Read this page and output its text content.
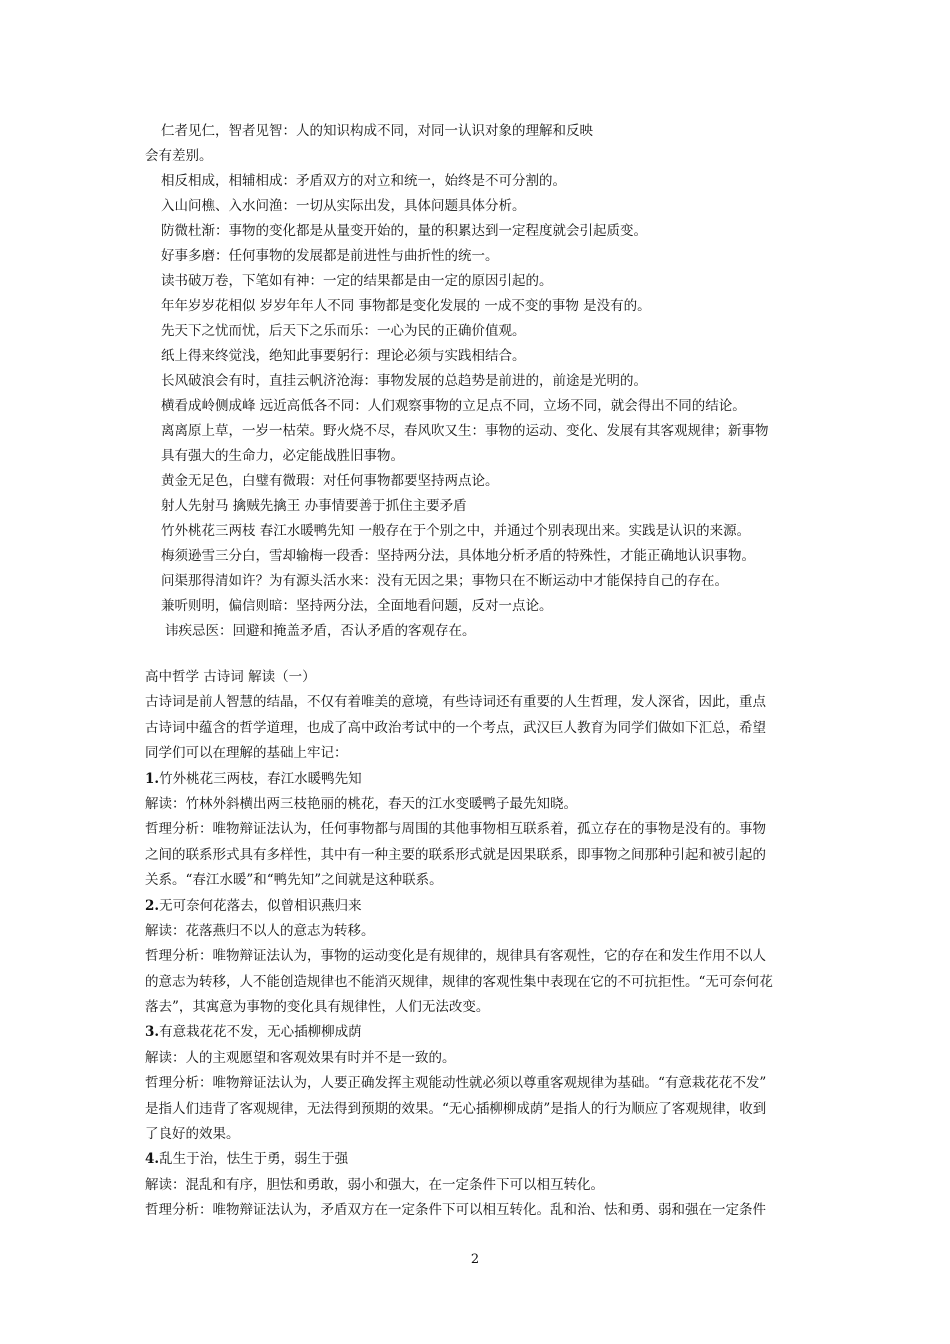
仁者见仁，智者见智：人的知识构成不同，对同一认识对象的理解和反映
会有差别。
相反相成，相辅相成：矛盾双方的对立和统一，始终是不可分割的。
入山问樵、入水问渔：一切从实际出发，具体问题具体分析。
防微杜渐：事物的变化都是从量变开始的，量的积累达到一定程度就会引起质变。
好事多磨：任何事物的发展都是前进性与曲折性的统一。
读书破万卷，下笔如有神：一定的结果都是由一定的原因引起的。
年年岁岁花相似 岁岁年年人不同 事物都是变化发展的 一成不变的事物 是没有的。
先天下之忧而忧，后天下之乐而乐：一心为民的正确价值观。
纸上得来终觉浅，绝知此事要躬行：理论必须与实践相结合。
长风破浪会有时，直挂云帆济沧海：事物发展的总趋势是前进的，前途是光明的。
横看成岭侧成峰 远近高低各不同：人们观察事物的立足点不同，立场不同，就会得出不同的结论。
离离原上草，一岁一枯荣。野火烧不尽，春风吹又生：事物的运动、变化、发展有其客观规律；新事物
具有强大的生命力，必定能战胜旧事物。
黄金无足色，白璧有微瑕：对任何事物都要坚持两点论。
射人先射马 擒贼先擒王 办事情要善于抓住主要矛盾
竹外桃花三两枝 春江水暖鸭先知 一般存在于个别之中，并通过个别表现出来。实践是认识的来源。
梅须逊雪三分白，雪却输梅一段香：坚持两分法，具体地分析矛盾的特殊性，才能正确地认识事物。
问渠那得清如许？为有源头活水来：没有无因之果；事物只在不断运动中才能保持自己的存在。
兼听则明，偏信则暗：坚持两分法，全面地看问题，反对一点论。
讳疾忌医：回避和掩盖矛盾，否认矛盾的客观存在。
高中哲学 古诗词 解读（一）
古诗词是前人智慧的结晶，不仅有着唯美的意境，有些诗词还有重要的人生哲理，发人深省，因此，重点
古诗词中蕴含的哲学道理，也成了高中政治考试中的一个考点，武汉巨人教育为同学们做如下汇总，希望
同学们可以在理解的基础上牢记：
1.竹外桃花三两枝，春江水暖鸭先知
解读：竹林外斜横出两三枝艳丽的桃花，春天的江水变暖鸭子最先知晓。
哲理分析：唯物辩证法认为，任何事物都与周围的其他事物相互联系着，孤立存在的事物是没有的。事物
之间的联系形式具有多样性，其中有一种主要的联系形式就是因果联系，即事物之间那种引起和被引起的
关系。“春江水暖”和“鸭先知”之间就是这种联系。
2.无可奈何花落去，似曾相识燕归来
解读：花落燕归不以人的意志为转移。
哲理分析：唯物辩证法认为，事物的运动变化是有规律的，规律具有客观性，它的存在和发生作用不以人
的意志为转移，人不能创造规律也不能消灭规律，规律的客观性集中表现在它的不可抗拒性。“无可奈何花
落去”，其寓意为事物的变化具有规律性，人们无法改变。
3.有意栽花花不发，无心插柳柳成荫
解读：人的主观愿望和客观效果有时并不是一致的。
哲理分析：唯物辩证法认为，人要正确发挥主观能动性就必须以尊重客观规律为基础。“有意栽花花不发”
是指人们违背了客观规律，无法得到预期的效果。“无心插柳柳成荫”是指人的行为顺应了客观规律，收到
了良好的效果。
4.乱生于治，怯生于勇，弱生于强
解读：混乱和有序，胆怯和勇敢，弱小和强大，在一定条件下可以相互转化。
哲理分析：唯物辩证法认为，矛盾双方在一定条件下可以相互转化。乱和治、怯和勇、弱和强在一定条件
2
